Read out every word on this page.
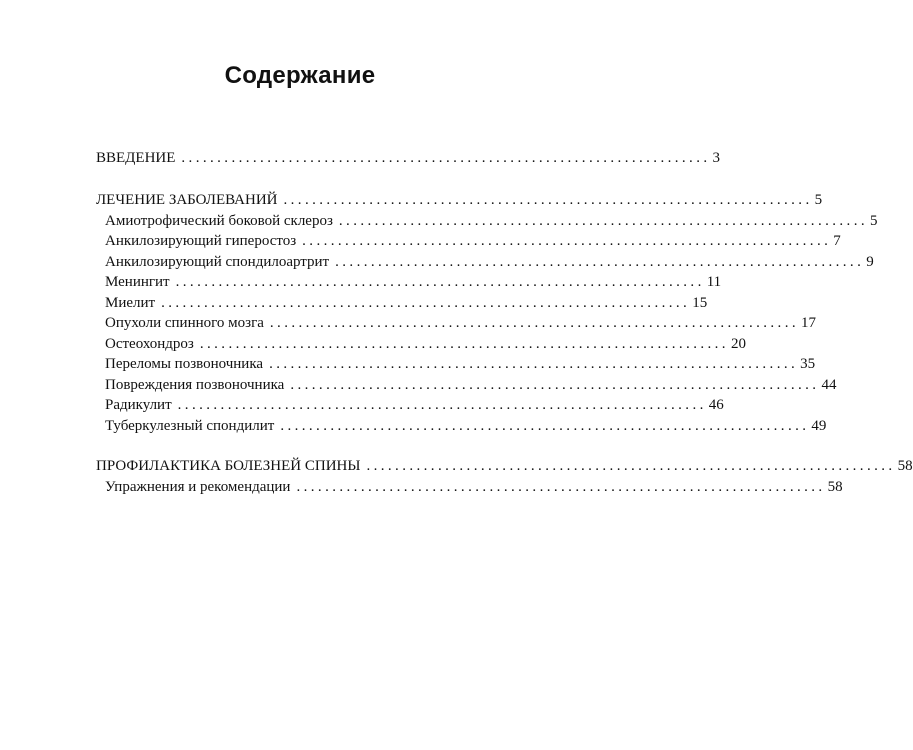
Содержание
ВВЕДЕНИЕ .......................................................................... 3
ЛЕЧЕНИЕ ЗАБОЛЕВАНИЙ .......................................................................... 5
Амиотрофический боковой склероз .......................................................................... 5
Анкилозирующий гиперостоз .......................................................................... 7
Анкилозирующий спондилоартрит .......................................................................... 9
Менингит .......................................................................... 11
Миелит .......................................................................... 15
Опухоли спинного мозга .......................................................................... 17
Остеохондроз .......................................................................... 20
Переломы позвоночника .......................................................................... 35
Повреждения позвоночника .......................................................................... 44
Радикулит .......................................................................... 46
Туберкулезный спондилит .......................................................................... 49
ПРОФИЛАКТИКА БОЛЕЗНЕЙ СПИНЫ .......................................................................... 58
Упражнения и рекомендации .......................................................................... 58
